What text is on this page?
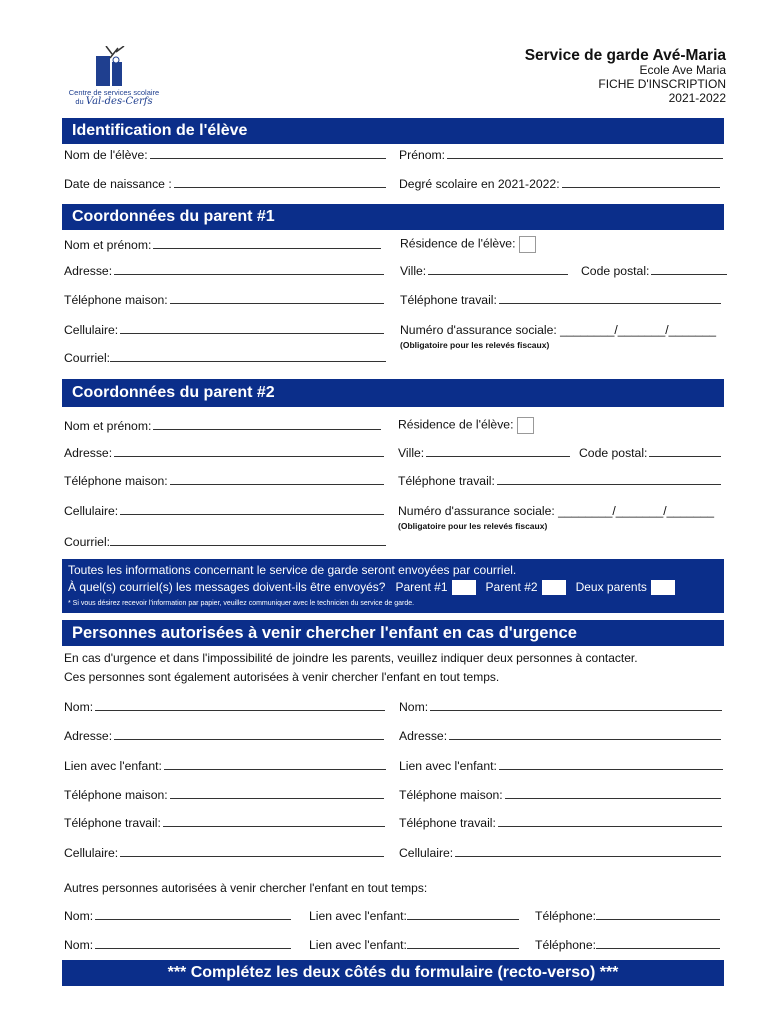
Centre de services scolaire
du Val-des-Cerfs
Service de garde Avé-Maria
Ecole Ave Maria
FICHE D'INSCRIPTION
2021-2022
Identification de l'élève
Nom de l'élève:	Prénom:
Date de naissance :	Degré scolaire en 2021-2022:
Coordonnées du parent #1
Nom et prénom:	Résidence de l'élève:
Adresse:	Ville:	Code postal:
Téléphone maison:	Téléphone travail:
Cellulaire:	Numéro d'assurance sociale: ________/_______/_______
(Obligatoire pour les relevés fiscaux)
Courriel:
Coordonnées du parent #2
Nom et prénom:	Résidence de l'élève:
Adresse:	Ville:	Code postal:
Téléphone maison:	Téléphone travail:
Cellulaire:	Numéro d'assurance sociale: ________/_______/_______
(Obligatoire pour les relevés fiscaux)
Courriel:
Toutes les informations concernant le service de garde seront envoyées par courriel.
À quel(s) courriel(s) les messages doivent-ils être envoyés? Parent #1	Parent #2	Deux parents
* Si vous désirez recevoir l'information par papier, veuillez communiquer avec le technicien du service de garde.
Personnes autorisées à venir chercher l'enfant en cas d'urgence
En cas d'urgence et dans l'impossibilité de joindre les parents, veuillez indiquer deux personnes à contacter.
Ces personnes sont également autorisées à venir chercher l'enfant en tout temps.
Nom:	Nom:
Adresse:	Adresse:
Lien avec l'enfant:	Lien avec l'enfant:
Téléphone maison:	Téléphone maison:
Téléphone travail:	Téléphone travail:
Cellulaire:	Cellulaire:
Autres personnes autorisées à venir chercher l'enfant en tout temps:
Nom:	Lien avec l'enfant:	Téléphone:
Nom:	Lien avec l'enfant:	Téléphone:
*** Complétez les deux côtés du formulaire (recto-verso) ***
